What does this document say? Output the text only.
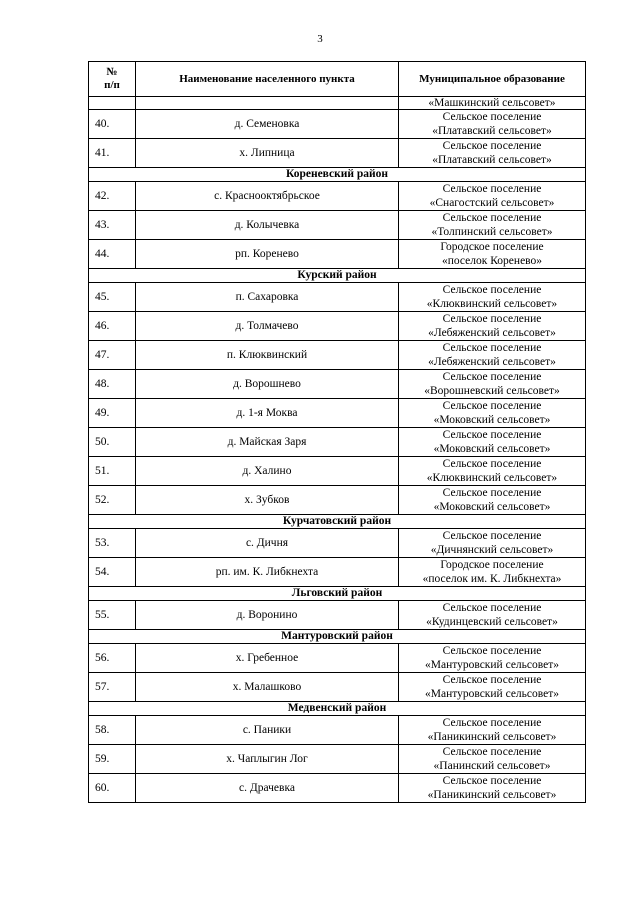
3
№
п/п	Наименование населенного пункта	Муниципальное образование
		«Машкинский сельсовет»
40.	д. Семеновка	Сельское поселение
«Платавский сельсовет»

41.	х. Липница	Сельское поселение
«Платавский сельсовет»

Кореневский район		
42.	с. Краснооктябрьское	Сельское поселение
«Снагостский сельсовет»

43.	д. Колычевка	Сельское поселение
«Толпинский сельсовет»

44.	рп. Коренево	Городское поселение
«поселок Коренево»

Курский район		
45.	п. Сахаровка	Сельское поселение
«Клюквинский сельсовет»

46.	д. Толмачево	Сельское поселение
«Лебяженский сельсовет»

47.	п. Клюквинский	Сельское поселение
«Лебяженский сельсовет»

48.	д. Ворошнево	Сельское поселение
«Ворошневский сельсовет»

49.	д. 1-я Моква	Сельское поселение
«Моковский сельсовет»

50.	д. Майская Заря	Сельское поселение
«Моковский сельсовет»

51.	д. Халино	Сельское поселение
«Клюквинский сельсовет»

52.	х. Зубков	Сельское поселение
«Моковский сельсовет»

Курчатовский район		
53.	с. Дичня	Сельское поселение
«Дичнянский сельсовет»

54.	рп. им. К. Либкнехта	Городское поселение
«поселок им. К. Либкнехта»

Льговский район		
55.	д. Воронино	Сельское поселение
«Кудинцевский сельсовет»

Мантуровский район		
56.	х. Гребенное	Сельское поселение
«Мантуровский сельсовет»

57.	х. Малашково	Сельское поселение
«Мантуровский сельсовет»

Медвенский район		
58.	с. Паники	Сельское поселение
«Паникинский сельсовет»

59.	х. Чаплыгин Лог	Сельское поселение
«Панинский сельсовет»

60.	с. Драчевка	Сельское поселение
«Паникинский сельсовет»
